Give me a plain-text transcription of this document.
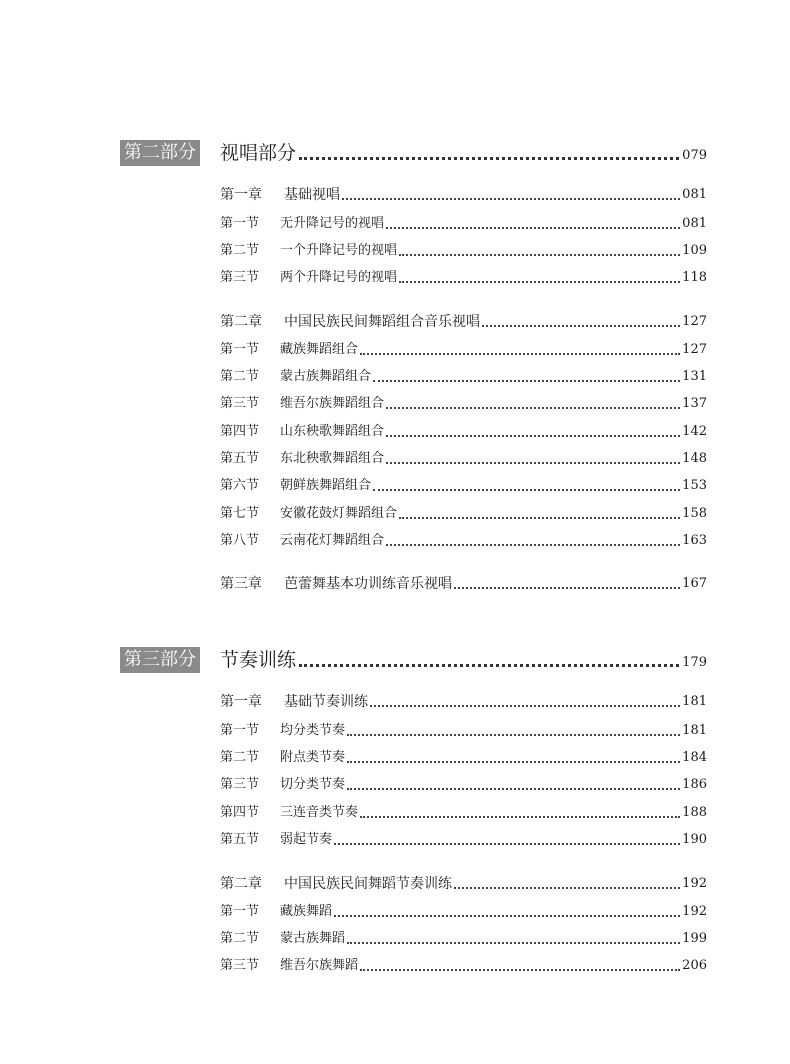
第二部分 视唱部分	079
第一章	基础视唱	081
第一节	无升降记号的视唱	081
第二节	一个升降记号的视唱	109
第三节	两个升降记号的视唱	118
第二章	中国民族民间舞蹈组合音乐视唱	127
第一节	藏族舞蹈组合	127
第二节	蒙古族舞蹈组合	131
第三节	维吾尔族舞蹈组合	137
第四节	山东秧歌舞蹈组合	142
第五节	东北秧歌舞蹈组合	148
第六节	朝鲜族舞蹈组合	153
第七节	安徽花鼓灯舞蹈组合	158
第八节	云南花灯舞蹈组合	163
第三章	芭蕾舞基本功训练音乐视唱	167
第三部分 节奏训练	179
第一章	基础节奏训练	181
第一节	均分类节奏	181
第二节	附点类节奏	184
第三节	切分类节奏	186
第四节	三连音类节奏	188
第五节	弱起节奏	190
第二章	中国民族民间舞蹈节奏训练	192
第一节	藏族舞蹈	192
第二节	蒙古族舞蹈	199
第三节	维吾尔族舞蹈	206
